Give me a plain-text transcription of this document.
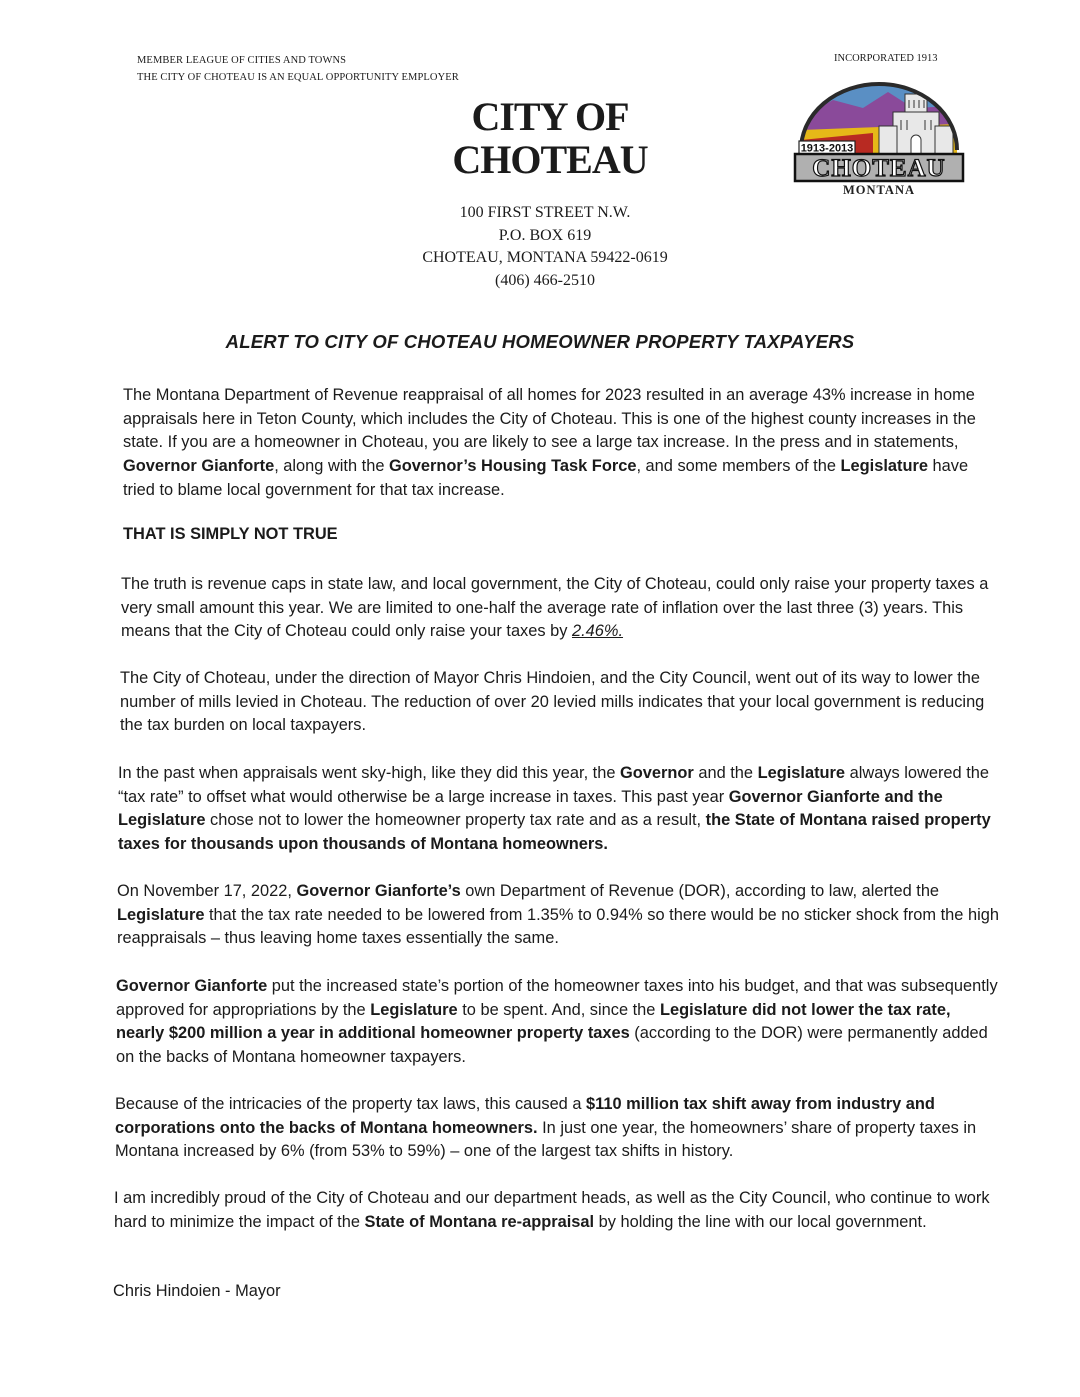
MEMBER LEAGUE OF CITIES AND TOWNS
THE CITY OF CHOTEAU IS AN EQUAL OPPORTUNITY EMPLOYER
INCORPORATED 1913
CITY OF
CHOTEAU
100 FIRST STREET N.W.
P.O. BOX 619
CHOTEAU, MONTANA 59422-0619
(406) 466-2510
1913-2013
CHOTEAU
MONTANA
ALERT TO CITY OF CHOTEAU HOMEOWNER PROPERTY TAXPAYERS

The Montana Department of Revenue reappraisal of all homes for 2023 resulted in an average 43% increase in home appraisals here in Teton County, which includes the City of Choteau. This is one of the highest county increases in the state. If you are a homeowner in Choteau, you are likely to see a large tax increase. In the press and in statements, Governor Gianforte, along with the Governor’s Housing Task Force, and some members of the Legislature have tried to blame local government for that tax increase.

THAT IS SIMPLY NOT TRUE

The truth is revenue caps in state law, and local government, the City of Choteau, could only raise your property taxes a very small amount this year. We are limited to one-half the average rate of inflation over the last three (3) years. This means that the City of Choteau could only raise your taxes by 2.46%.

The City of Choteau, under the direction of Mayor Chris Hindoien, and the City Council, went out of its way to lower the number of mills levied in Choteau. The reduction of over 20 levied mills indicates that your local government is reducing the tax burden on local taxpayers.

In the past when appraisals went sky-high, like they did this year, the Governor and the Legislature always lowered the “tax rate” to offset what would otherwise be a large increase in taxes. This past year Governor Gianforte and the Legislature chose not to lower the homeowner property tax rate and as a result, the State of Montana raised property taxes for thousands upon thousands of Montana homeowners.

On November 17, 2022, Governor Gianforte’s own Department of Revenue (DOR), according to law, alerted the Legislature that the tax rate needed to be lowered from 1.35% to 0.94% so there would be no sticker shock from the high reappraisals – thus leaving home taxes essentially the same.

Governor Gianforte put the increased state’s portion of the homeowner taxes into his budget, and that was subsequently approved for appropriations by the Legislature to be spent. And, since the Legislature did not lower the tax rate, nearly $200 million a year in additional homeowner property taxes (according to the DOR) were permanently added on the backs of Montana homeowner taxpayers.

Because of the intricacies of the property tax laws, this caused a $110 million tax shift away from industry and corporations onto the backs of Montana homeowners. In just one year, the homeowners’ share of property taxes in Montana increased by 6% (from 53% to 59%) – one of the largest tax shifts in history.

I am incredibly proud of the City of Choteau and our department heads, as well as the City Council, who continue to work hard to minimize the impact of the State of Montana re-appraisal by holding the line with our local government.

Chris Hindoien - Mayor
